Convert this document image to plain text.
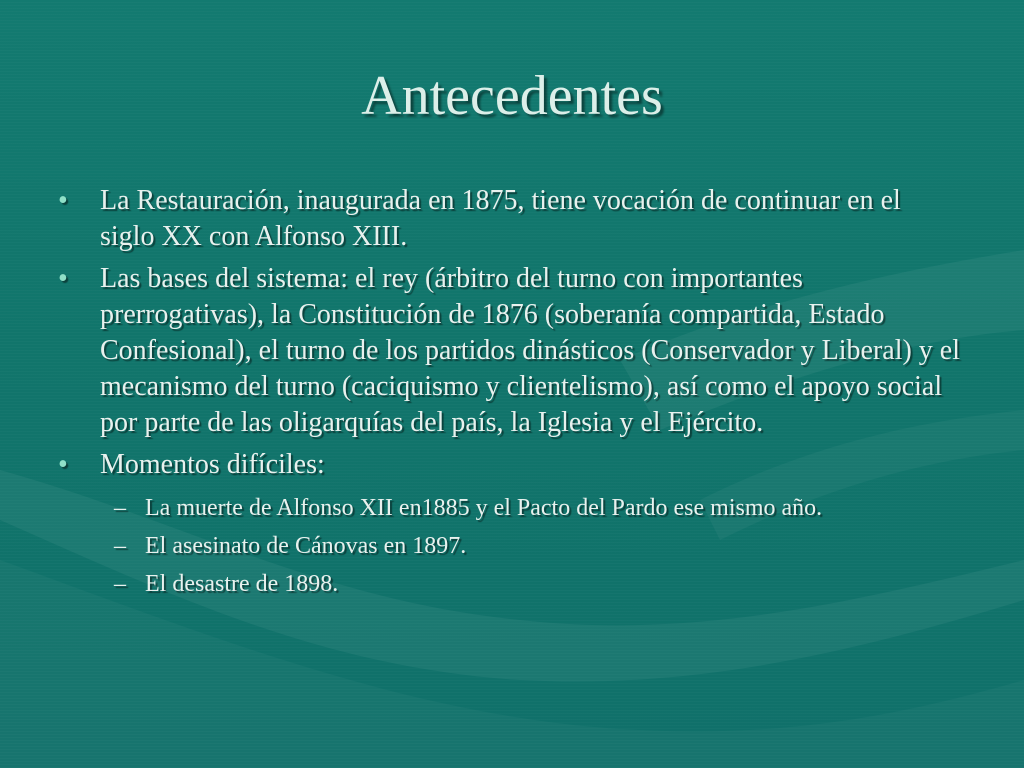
Antecedentes
• La Restauración, inaugurada en 1875, tiene vocación de continuar en el siglo XX con Alfonso XIII.
• Las bases del sistema: el rey (árbitro del turno con importantes prerrogativas), la Constitución de 1876 (soberanía compartida, Estado Confesional), el turno de los partidos dinásticos (Conservador y Liberal) y el mecanismo del turno (caciquismo y clientelismo), así como el apoyo social por parte de las oligarquías del país, la Iglesia y el Ejército.
• Momentos difíciles:
– La muerte de Alfonso XII en1885 y el Pacto del Pardo ese mismo año.
– El asesinato de Cánovas en 1897.
– El desastre de 1898.
